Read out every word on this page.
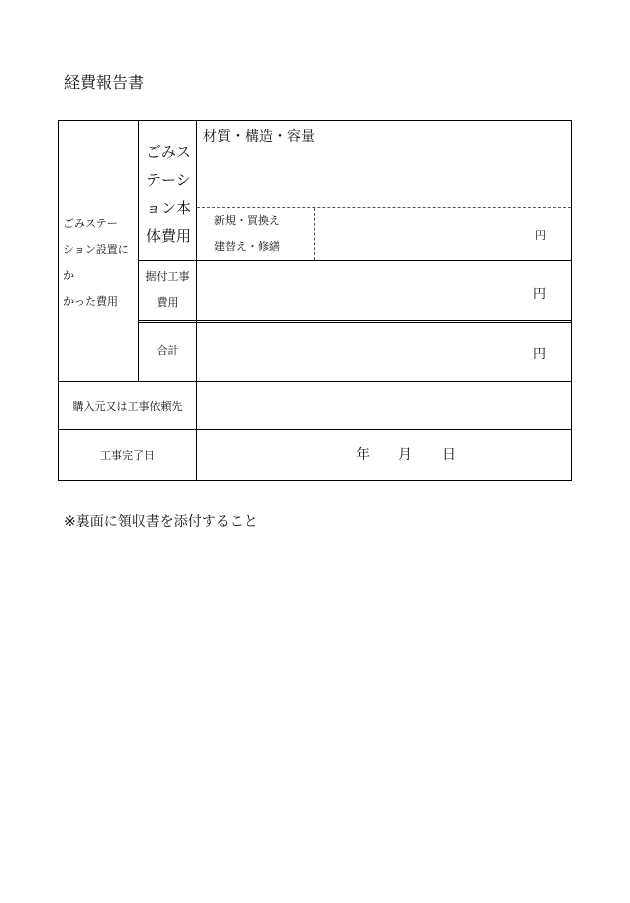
経費報告書
ごみステー
ション設置にか
かった費用
ごみス
テーシ
ョン本
体費用
材質・構造・容量
新規・買換え
建替え・修繕
円
据付工事
費用
円
合計	円
購入元又は工事依頼先
工事完了日	年 月 日
※裏面に領収書を添付すること
